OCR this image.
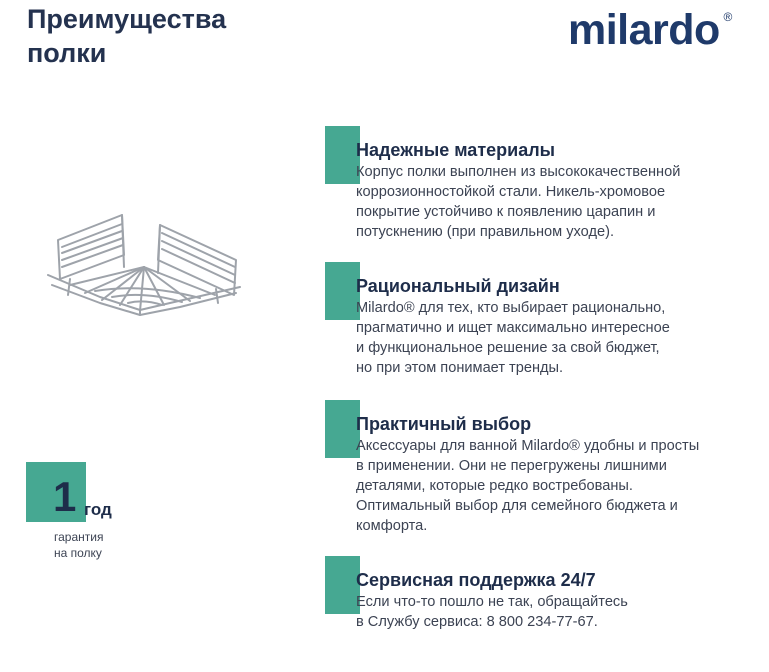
Преимущества
полки	milardo ®
Надежные материалы
Корпус полки выполнен из высококачественной
коррозионностойкой стали. Никель-хромовое
покрытие устойчиво к появлению царапин и
потускнению (при правильном уходе).
Рациональный дизайн
Milardo® для тех, кто выбирает рационально,
прагматично и ищет максимально интересное
и функциональное решение за свой бюджет,
но при этом понимает тренды.
Практичный выбор
Аксессуары для ванной Milardo® удобны и просты
в применении. Они не перегружены лишними
деталями, которые редко востребованы.
Оптимальный выбор для семейного бюджета и
комфорта.
Сервисная поддержка 24/7
Если что-то пошло не так, обращайтесь
в Службу сервиса: 8 800 234-77-67.
1 год
гарантия
на полку
